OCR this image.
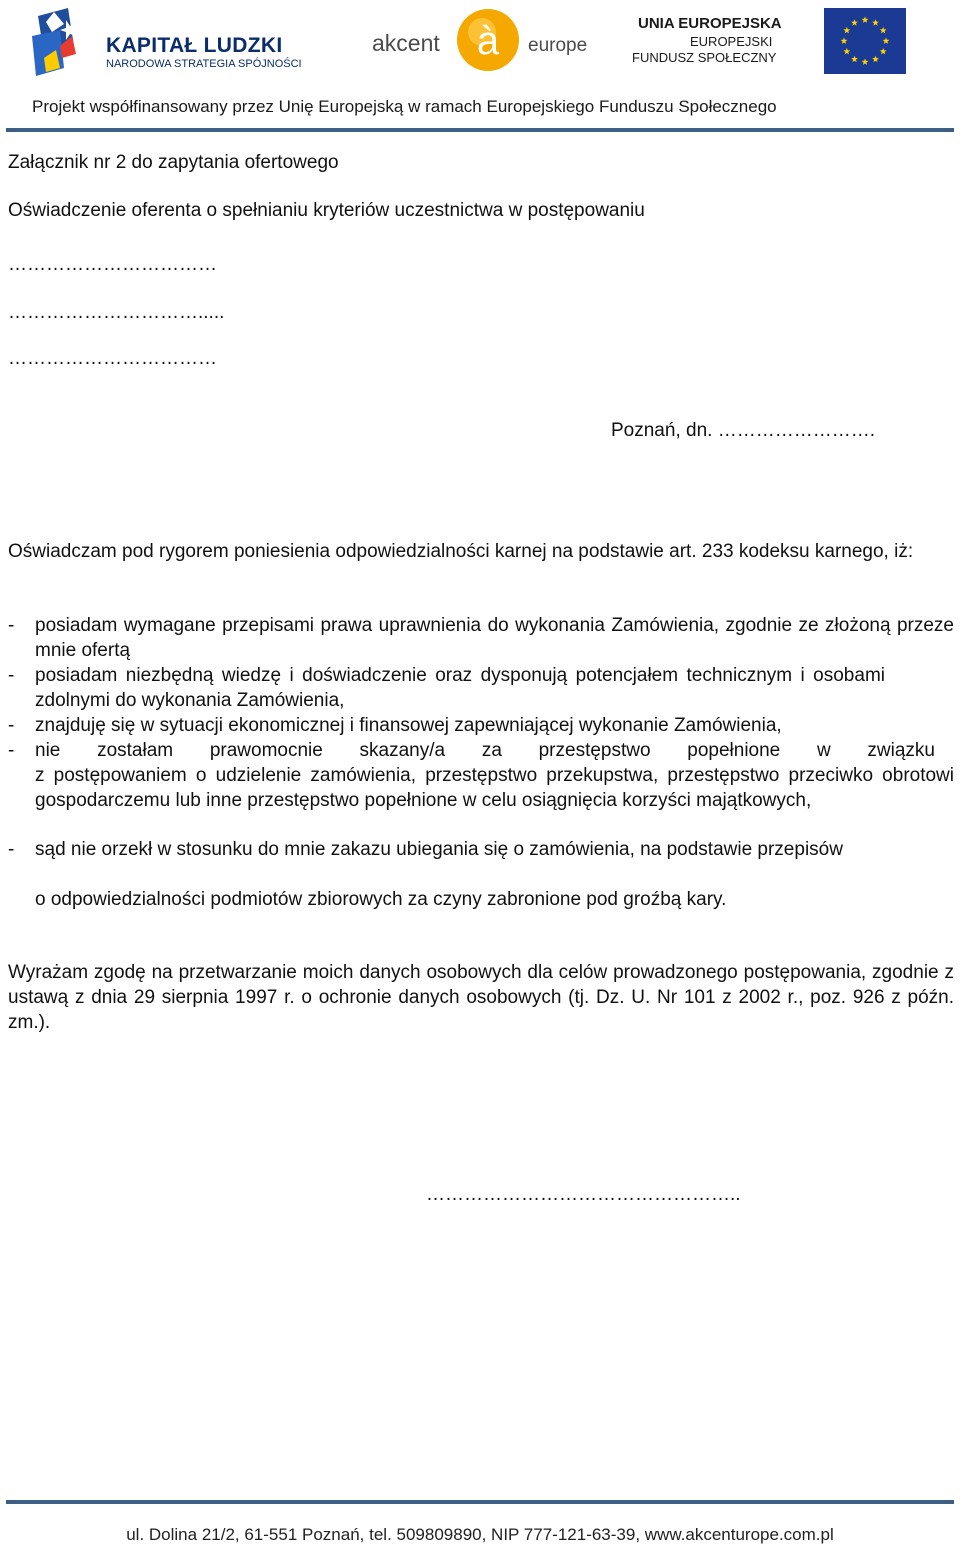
KAPITAŁ LUDZKI
NARODOWA STRATEGIA SPÓJNOŚCI
akcent à europe
UNIA EUROPEJSKA
EUROPEJSKI
FUNDUSZ SPOŁECZNY
Projekt współfinansowany przez Unię Europejską w ramach Europejskiego Funduszu Społecznego
Załącznik nr 2 do zapytania ofertowego
Oświadczenie oferenta o spełnianiu kryteriów uczestnictwa w postępowaniu
……………………………
………………………….....
……………………………
Poznań, dn. …………………….
Oświadczam pod rygorem poniesienia odpowiedzialności karnej na podstawie art. 233 kodeksu karnego, iż:
- posiadam wymagane przepisami prawa uprawnienia do wykonania Zamówienia, zgodnie ze złożoną przeze mnie ofertą
- posiadam niezbędną wiedzę i doświadczenie oraz dysponują potencjałem technicznym i osobami zdolnymi do wykonania Zamówienia,
- znajduję się w sytuacji ekonomicznej i finansowej zapewniającej wykonanie Zamówienia,
- nie zostałam prawomocnie skazany/a za przestępstwo popełnione w związku
z postępowaniem o udzielenie zamówienia, przestępstwo przekupstwa, przestępstwo przeciwko obrotowi gospodarczemu lub inne przestępstwo popełnione w celu osiągnięcia korzyści majątkowych,
- sąd nie orzekł w stosunku do mnie zakazu ubiegania się o zamówienia, na podstawie przepisów
o odpowiedzialności podmiotów zbiorowych za czyny zabronione pod groźbą kary.
Wyrażam zgodę na przetwarzanie moich danych osobowych dla celów prowadzonego postępowania, zgodnie z ustawą z dnia 29 sierpnia 1997 r. o ochronie danych osobowych (tj. Dz. U. Nr 101 z 2002 r., poz. 926 z późn. zm.).
…………………………………………..
ul. Dolina 21/2, 61-551 Poznań, tel. 509809890, NIP 777-121-63-39, www.akcenturope.com.pl
